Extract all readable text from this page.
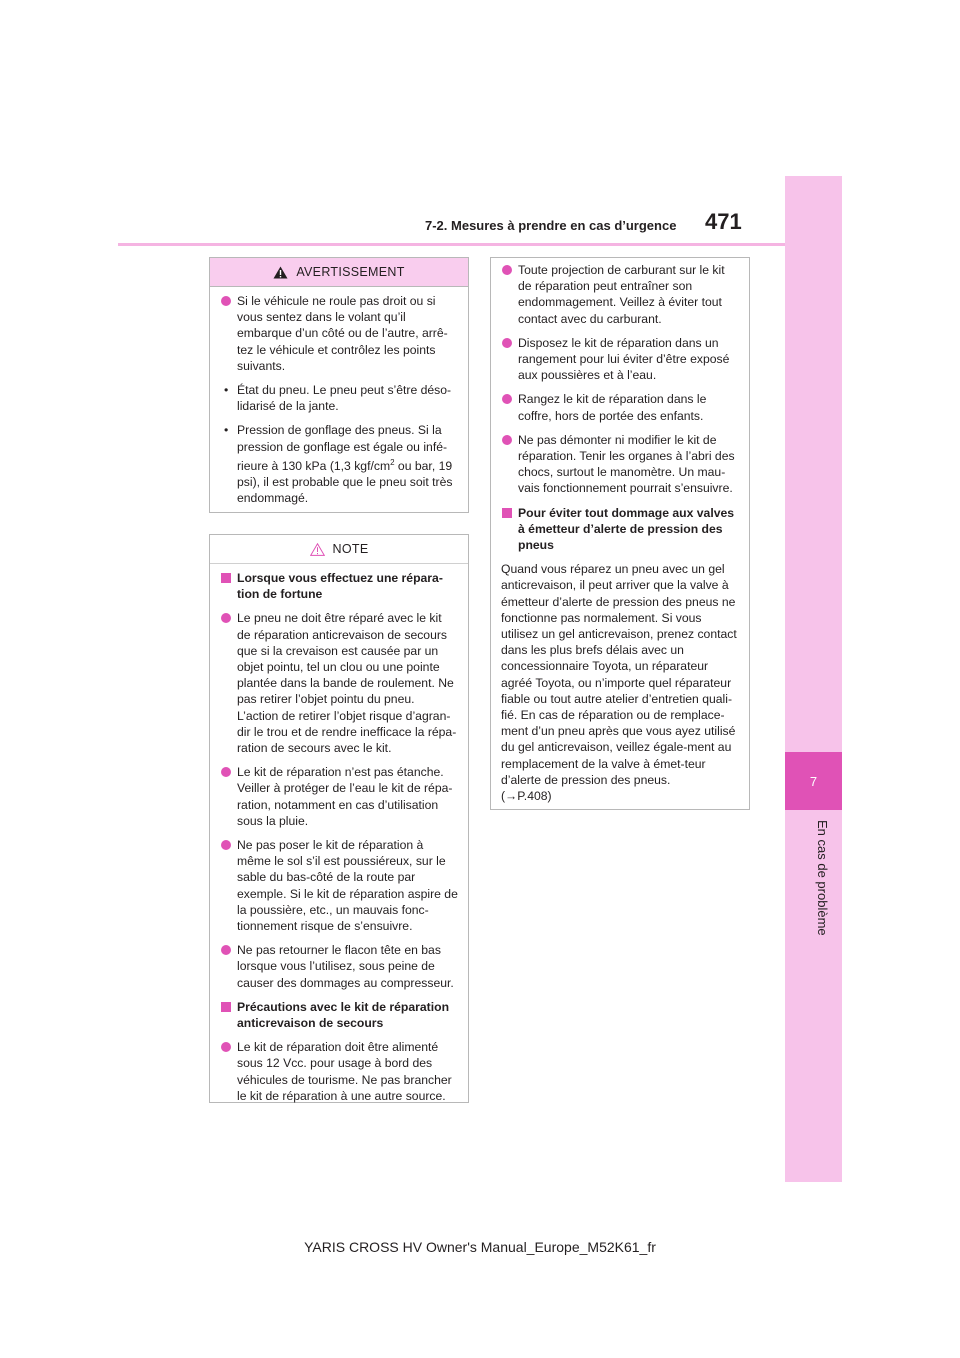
7
En cas de problème
7-2. Mesures à prendre en cas d’urgence 471
AVERTISSEMENT

Si le véhicule ne roule pas droit ou si vous sentez dans le volant qu’il embarque d’un côté ou de l’autre, arrê-tez le véhicule et contrôlez les points suivants.

• État du pneu. Le pneu peut s’être déso-lidarisé de la jante.

• Pression de gonflage des pneus. Si la pression de gonflage est égale ou infé-rieure à 130 kPa (1,3 kgf/$cm^2$ ou bar, 19 psi), il est probable que le pneu soit très endommagé.

NOTE

Lorsque vous effectuez une répara-tion de fortune

Le pneu ne doit être réparé avec le kit de réparation anticrevaison de secours que si la crevaison est causée par un objet pointu, tel un clou ou une pointe plantée dans la bande de roulement. Ne pas retirer l’objet pointu du pneu. L’action de retirer l’objet risque d’agran-dir le trou et de rendre inefficace la répa-ration de secours avec le kit.

Le kit de réparation n’est pas étanche. Veiller à protéger de l’eau le kit de répa-ration, notamment en cas d’utilisation sous la pluie.

Ne pas poser le kit de réparation à même le sol s’il est poussiéreux, sur le sable du bas-côté de la route par exemple. Si le kit de réparation aspire de la poussière, etc., un mauvais fonc-tionnement risque de s’ensuivre.

Ne pas retourner le flacon tête en bas lorsque vous l’utilisez, sous peine de causer des dommages au compresseur.

Précautions avec le kit de réparation anticrevaison de secours

Le kit de réparation doit être alimenté sous 12 Vcc. pour usage à bord des véhicules de tourisme. Ne pas brancher le kit de réparation à une autre source.

Toute projection de carburant sur le kit de réparation peut entraîner son endommagement. Veillez à éviter tout contact avec du carburant.

Disposez le kit de réparation dans un rangement pour lui éviter d’être exposé aux poussières et à l’eau.

Rangez le kit de réparation dans le coffre, hors de portée des enfants.

Ne pas démonter ni modifier le kit de réparation. Tenir les organes à l’abri des chocs, surtout le manomètre. Un mau-vais fonctionnement pourrait s’ensuivre.

Pour éviter tout dommage aux valves à émetteur d’alerte de pression des pneus

Quand vous réparez un pneu avec un gel anticrevaison, il peut arriver que la valve à émetteur d’alerte de pression des pneus ne fonctionne pas normalement. Si vous utilisez un gel anticrevaison, prenez contact dans les plus brefs délais avec un concessionnaire Toyota, un réparateur agréé Toyota, ou n’importe quel réparateur fiable ou tout autre atelier d’entretien quali-fié. En cas de réparation ou de remplace-ment d’un pneu après que vous ayez utilisé du gel anticrevaison, veillez égale-ment au remplacement de la valve à émet-teur d’alerte de pression des pneus.

(→P.408)

YARIS CROSS HV Owner's Manual_Europe_M52K61_fr
